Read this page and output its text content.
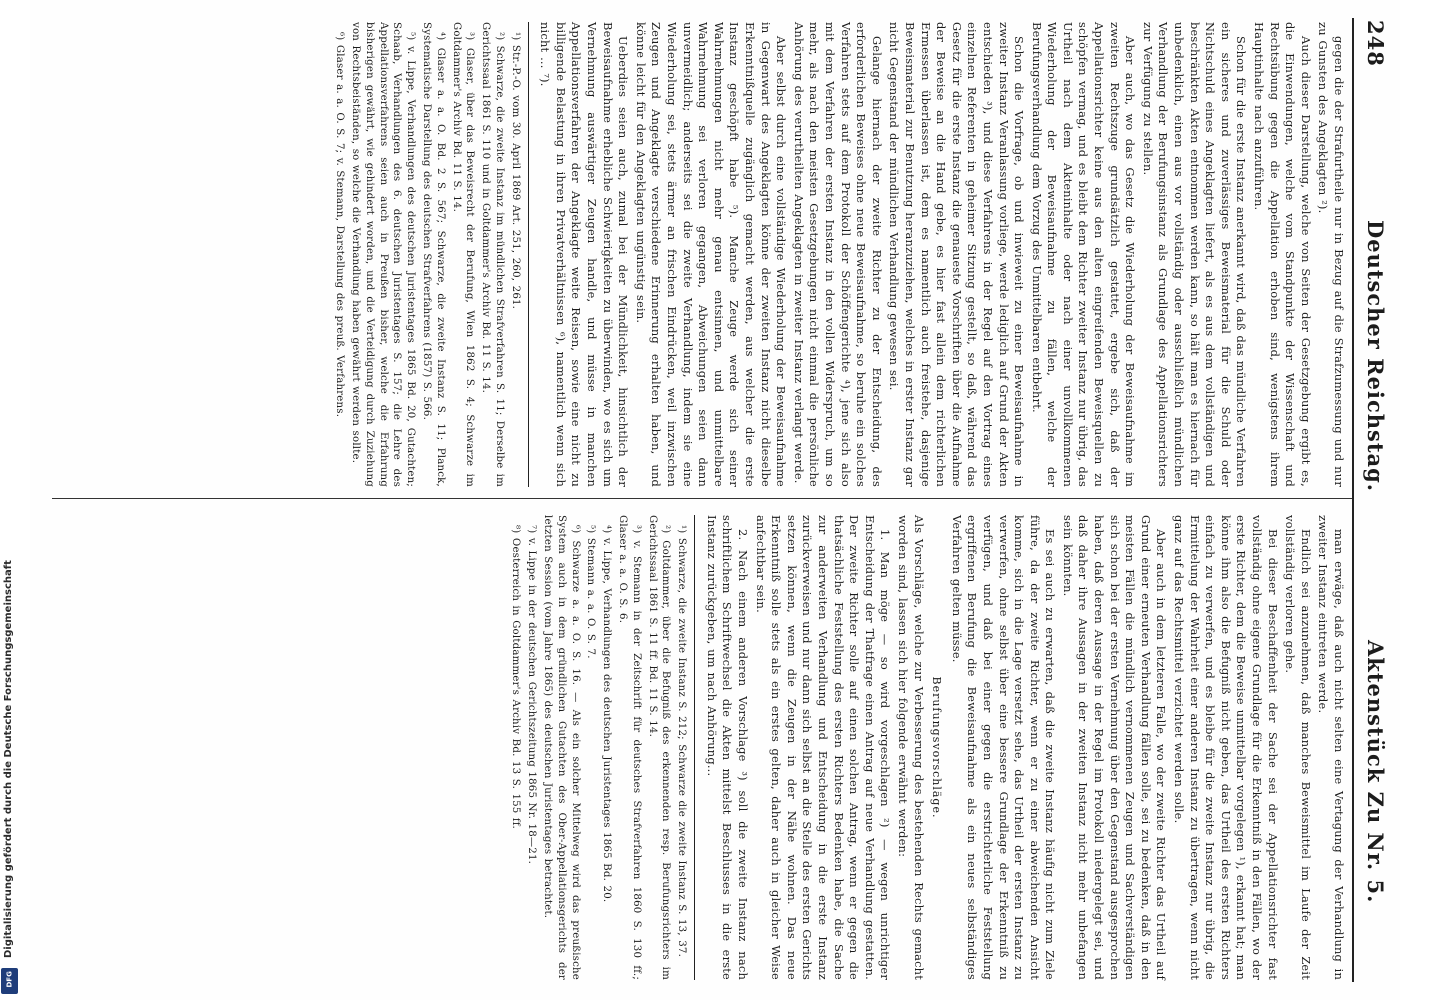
248
Deutscher Reichstag.
Aktenstück Zu Nr. 5.

gegen die der Strafurtheile nur in Bezug auf die Strafzumessung und nur zu Gunsten des Angeklagten ²).

Auch dieser Darstellung, welche von Seiten der Gesetzgebung ergibt es, die Einwendungen, welche vom Standpunkte der Wissenschaft und Rechtsübung gegen die Appellation erhoben sind, wenigstens ihrem Hauptinhalte nach anzuführen.

Schon für die erste Instanz anerkannt wird, daß das mündliche Verfahren ein sicheres und zuverlässiges Beweismaterial für die Schuld oder Nichtschuld eines Angeklagten liefert, als es aus dem vollständigen und beschränkten Akten entnommen werden kann, so hält man es hiernach für unbedenklich, einen aus vor vollständig oder ausschließlich mündlichen Verhandlung der Berufungsinstanz als Grundlage des Appellationsrichters zur Verfügung zu stellen.

Aber auch, wo das Gesetz die Wiederholung der Beweisaufnahme im zweiten Rechtszuge grundsätzlich gestattet, ergebe sich, daß der Appellationsrichter keine aus den alten eingreifenden Beweisquellen zu schöpfen vermag, und es bleibt dem Richter zweiter Instanz nur übrig, das Urtheil nach dem Akteninhalte oder nach einer unvollkommenen Wiederholung der Beweisaufnahme zu fällen, welche der Berufungsverhandlung dem Vorzug des Unmittelbaren entbehrt.

Schon die Vorfrage, ob und inwieweit zu einer Beweisaufnahme in zweiter Instanz Veranlassung vorliege, werde lediglich auf Grund der Akten entschieden ³), und diese Verfahrens in der Regel auf den Vortrag eines einzelnen Referenten in geheimer Sitzung gestellt, so daß, während das Gesetz für die erste Instanz die genaueste Vorschriften über die Aufnahme der Beweise an die Hand gebe, es hier fast allein dem richterlichen Ermessen überlassen ist, dem es namentlich auch freistehe, dasjenige Beweismaterial zur Benutzung heranzuziehen, welches in erster Instanz gar nicht Gegenstand der mündlichen Verhandlung gewesen sei.

Gelange hiernach der zweite Richter zu der Entscheidung, des erforderlichen Beweises ohne neue Beweisaufnahme, so beruhe ein solches Verfahren stets auf dem Protokoll der Schöffengerichte ⁴), jene sich also mit dem Verfahren der ersten Instanz in den vollen Widerspruch, um so mehr, als nach den meisten Gesetzgebungen nicht einmal die persönliche Anhörung des verurtheilten Angeklagten in zweiter Instanz verlangt werde.

Aber selbst durch eine vollständige Wiederholung der Beweisaufnahme in Gegenwart des Angeklagten könne der zweiten Instanz nicht dieselbe Erkenntnißquelle zugänglich gemacht werden, aus welcher die erste Instanz geschöpft habe ⁵). Manche Zeuge werde sich seiner Wahrnehmungen nicht mehr genau entsinnen, und unmittelbare Wahrnehmung sei verloren gegangen, Abweichungen seien dann unvermeidlich; anderseits sei die zweite Verhandlung, indem sie eine Wiederholung sei, stets ärmer an frischen Eindrücken, weil inzwischen Zeugen und Angeklagte verschiedene Erinnerung erhalten haben, und könne leicht für den Angeklagten ungünstig sein.

Ueberdies seien auch, zumal bei der Mündlichkeit, hinsichtlich der Beweisaufnahme erhebliche Schwierigkeiten zu überwinden, wo es sich um Vernehmung auswärtiger Zeugen handle, und müsse in manchen Appellationsverfahren der Angeklagte weite Reisen, sowie eine nicht zu billigende Belastung in ihren Privatverhältnissen ⁶), namentlich wenn sich nicht ... ⁷).

¹) Str.-P.-O. vom 30. April 1869 Art. 251, 260, 261.

²) Schwarze, die zweite Instanz im mündlichen Strafverfahren S. 11; Derselbe im Gerichtssaal 1861 S. 110 und in Goltdammer's Archiv Bd. 11 S. 14.

³) Glaser, über das Beweisrecht der Berufung, Wien 1862 S. 4; Schwarze im Goltdammer's Archiv Bd. 11 S. 14.

⁴) Glaser a. a. O. Bd. 2 S. 567; Schwarze, die zweite Instanz S. 11; Planck, Systematische Darstellung des deutschen Strafverfahrens (1857) S. 566.

⁵) v. Lippe, Verhandlungen des deutschen Juristentages 1865 Bd. 20, Gutachten; Schaab, Verhandlungen des 6. deutschen Juristentages S. 157; die Lehre des Appellationsverfahrens seien auch in Preußen bisher, welche die Erfahrung bisherigen gewährt, wie gehindert worden, und die Verteidigung durch Zuziehung von Rechtsbeiständen, so welche die Verhandlung haben gewährt werden sollte.

⁶) Glaser a. a. O. S. 7; v. Stemann, Darstellung des preuß. Verfahrens.

man erwäge, daß auch nicht selten eine Vertagung der Verhandlung in zweiter Instanz eintreten werde.

Endlich sei anzunehmen, daß manches Beweismittel im Laufe der Zeit vollständig verloren gehe.

Bei dieser Beschaffenheit der Sache sei der Appellationsrichter fast vollständig ohne eigene Grundlage für die Erkenntniß in den Fällen, wo der erste Richter, dem die Beweise unmittelbar vorgelegen ¹), erkannt hat; man könne ihm also die Befugniß nicht geben, das Urtheil des ersten Richters einfach zu verwerfen, und es bleibe für die zweite Instanz nur übrig, die Ermittelung der Wahrheit einer anderen Instanz zu übertragen, wenn nicht ganz auf das Rechtsmittel verzichtet werden solle.

Aber auch in dem letzteren Falle, wo der zweite Richter das Urtheil auf Grund einer erneuten Verhandlung fällen solle, sei zu bedenken, daß in den meisten Fällen die mündlich vernommenen Zeugen und Sachverständigen sich schon bei der ersten Vernehmung über den Gegenstand ausgesprochen haben, daß deren Aussage in der Regel im Protokoll niedergelegt sei, und daß daher ihre Aussagen in der zweiten Instanz nicht mehr unbefangen sein könnten.

Es sei auch zu erwarten, daß die zweite Instanz häufig nicht zum Ziele führe, da der zweite Richter, wenn er zu einer abweichenden Ansicht komme, sich in die Lage versetzt sehe, das Urtheil der ersten Instanz zu verwerfen, ohne selbst über eine bessere Grundlage der Erkenntniß zu verfügen, und daß bei einer gegen die erstrichterliche Feststellung ergriffenen Berufung die Beweisaufnahme als ein neues selbständiges Verfahren gelten müsse.

Berufungsvorschläge.

Als Vorschläge, welche zur Verbesserung des bestehenden Rechts gemacht worden sind, lassen sich hier folgende erwähnt werden:

1. Man möge — so wird vorgeschlagen ²) — wegen unrichtiger Entscheidung der Thatfrage einen Antrag auf neue Verhandlung gestatten. Der zweite Richter solle auf einen solchen Antrag, wenn er gegen die thatsächliche Feststellung des ersten Richters Bedenken habe, die Sache zur anderweiten Verhandlung und Entscheidung in die erste Instanz zurückverweisen und nur dann sich selbst an die Stelle des ersten Gerichts setzen können, wenn die Zeugen in der Nähe wohnen. Das neue Erkenntniß solle stets als ein erstes gelten, daher auch in gleicher Weise anfechtbar sein.

2. Nach einem anderen Vorschlage ³) soll die zweite Instanz nach schriftlichem Schriftwechsel die Akten mittelst Beschlusses in die erste Instanz zurückgeben, um nach Anhörung...

¹) Schwarze, die zweite Instanz S. 212; Schwarze die zweite Instanz S. 13, 37.

²) Goltdammer, über die Befugniß des erkennenden resp. Berufungsrichters im Gerichtssaal 1861 S. 11 ff. Bd. 11 S. 14.

³) v. Stemann in der Zeitschrift für deutsches Strafverfahren 1860 S. 130 ff.; Glaser a. a. O. S. 6.

⁴) v. Lippe, Verhandlungen des deutschen Juristentages 1865 Bd. 20.

⁵) Stemann a. a. O. S. 7.

⁶) Schwarze a. a. O. S. 16. — Als ein solcher Mittelweg wird das preußische System auch in dem gründlichen Gutachten des Ober-Appellationsgerichts der letzten Session (vom Jahre 1865) des deutschen Juristentages betrachtet.

⁷) v. Lippe in der deutschen Gerichtszeitung 1865 Nr. 18—21.

⁸) Oesterreich in Goltdammer's Archiv Bd. 13 S. 155 ff.

Digitalisierung gefördert durch die Deutsche Forschungsgemeinschaft
DFG
